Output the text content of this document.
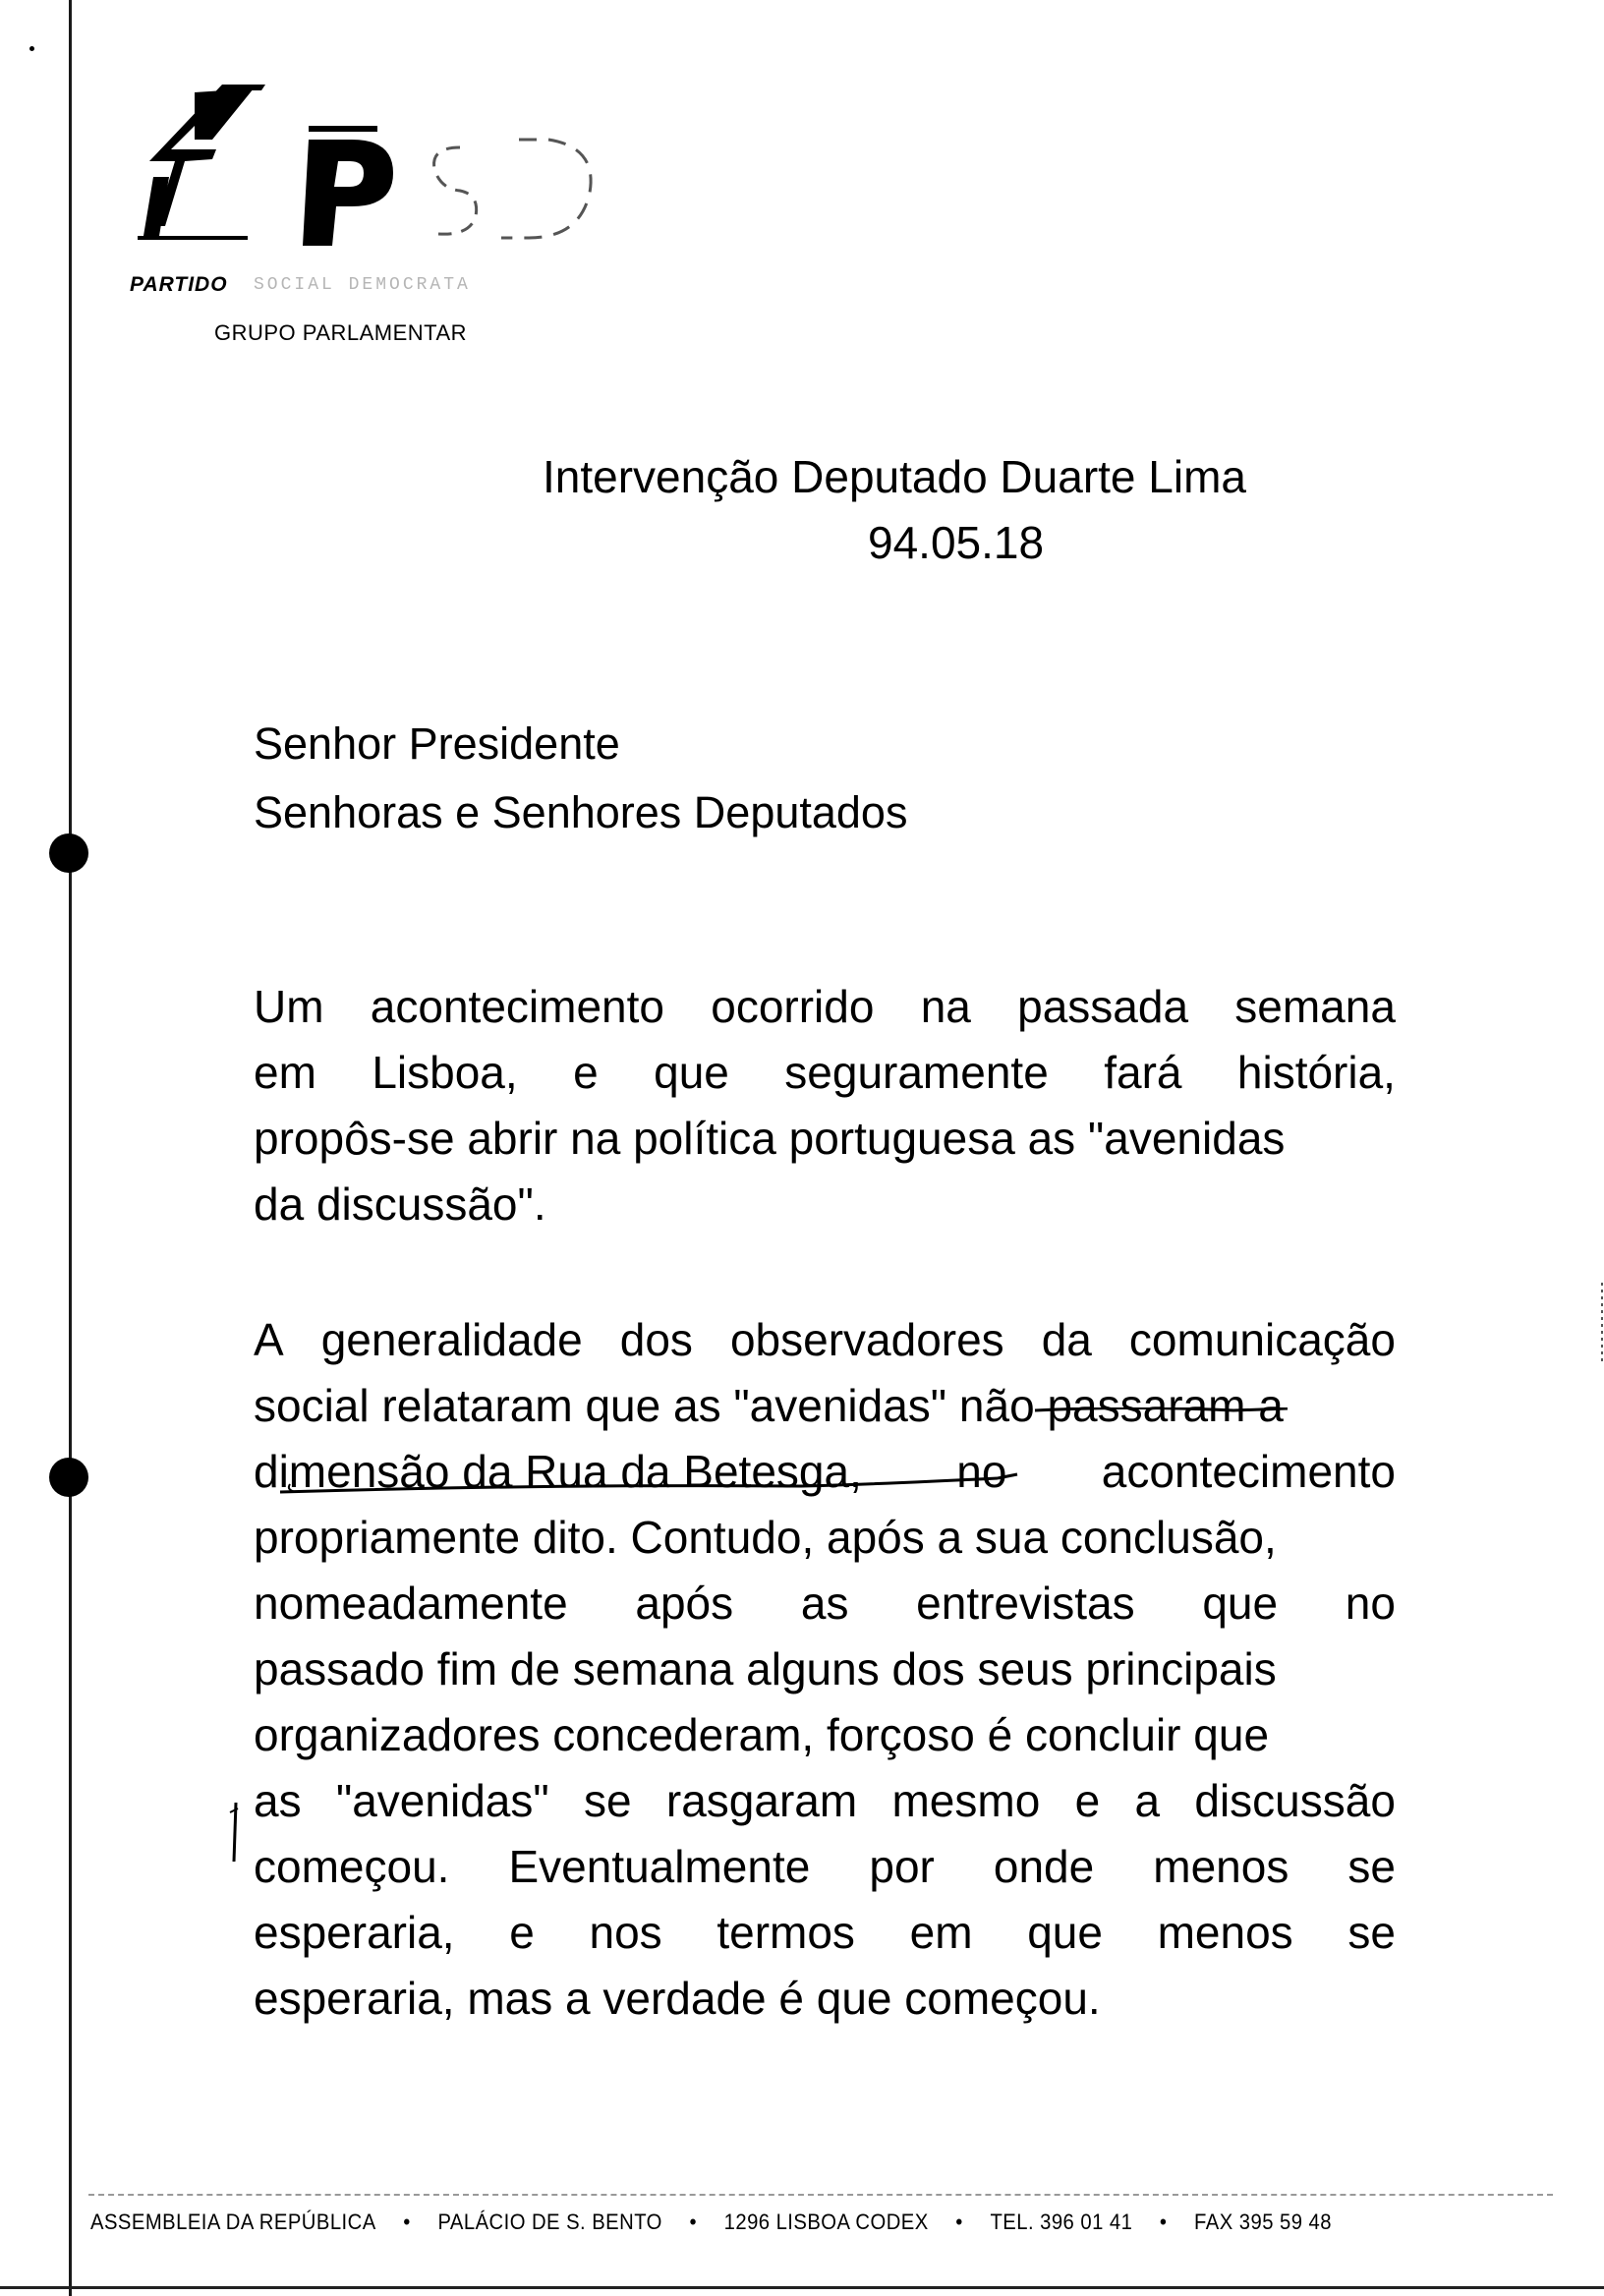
PARTIDO SOCIAL DEMOCRATA
GRUPO PARLAMENTAR
Intervenção Deputado Duarte Lima
94.05.18
Senhor Presidente
Senhoras e Senhores Deputados
Um acontecimento ocorrido na passada semana
em Lisboa, e que seguramente fará história,
propôs-se abrir na política portuguesa as "avenidas
da discussão".
A generalidade dos observadores da comunicação
social relataram que as "avenidas" não passaram a
dimensão da Rua da Betesga, no acontecimento
propriamente dito. Contudo, após a sua conclusão,
nomeadamente após as entrevistas que no
passado fim de semana alguns dos seus principais
organizadores concederam, forçoso é concluir que
as "avenidas" se rasgaram mesmo e a discussão
começou. Eventualmente por onde menos se
esperaria, e nos termos em que menos se
esperaria, mas a verdade é que começou.
ASSEMBLEIA DA REPÚBLICA • PALÁCIO DE S. BENTO • 1296 LISBOA CODEX • TEL. 396 01 41 • FAX 395 59 48
